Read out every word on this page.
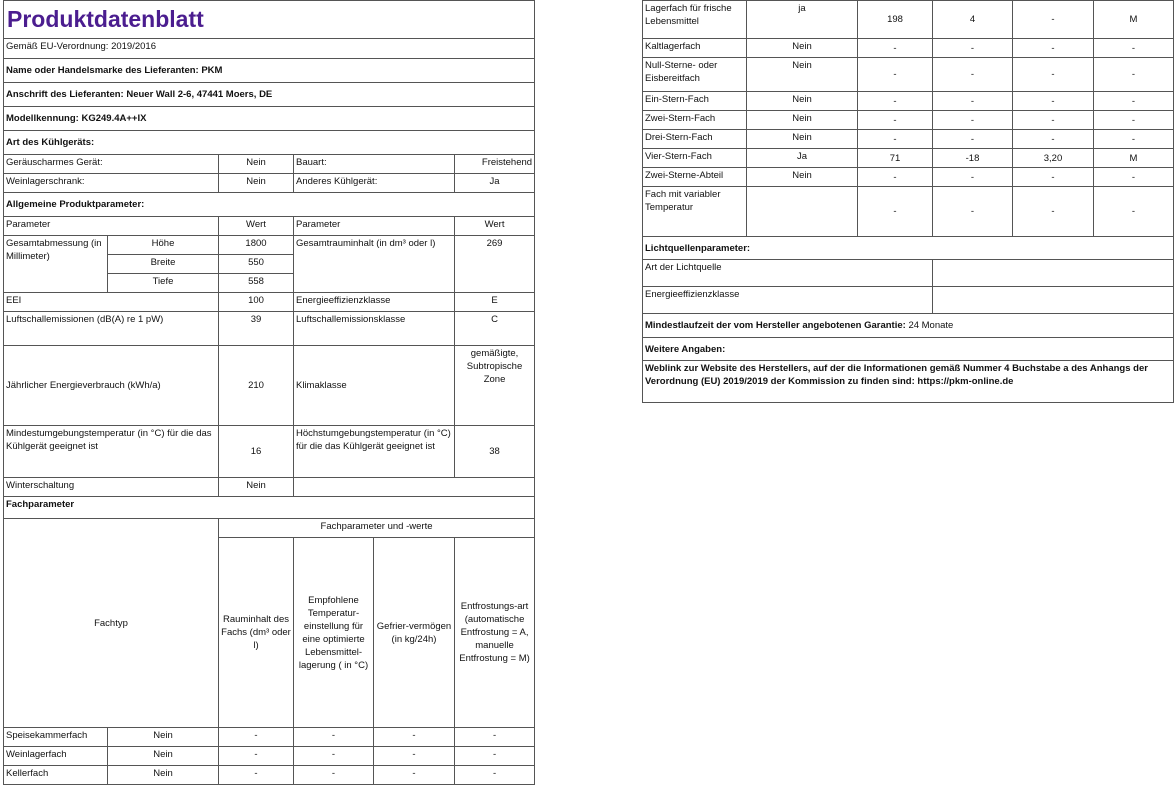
Produktdatenblatt					

Gemäß EU-Verordnung: 2019/2016					
Name oder Handelsmarke des Lieferanten: PKM					
Anschrift des Lieferanten: Neuer Wall 2-6, 47441 Moers, DE					
Modellkennung: KG249.4A++IX					
Art des Kühlgeräts:					
Geräuscharmes Gerät:		Nein	Bauart:		Freistehend
Weinlagerschrank:		Nein	Anderes Kühlgerät:		Ja
Allgemeine Produktparameter:					
Parameter		Wert	Parameter		Wert
Gesamtabmessung (in Millimeter)	Höhe	1800	Gesamtrauminhalt (in dm³ oder l)		269
	Breite	550			
	Tiefe	558			
EEI		100	Energieeffizienzklasse		E
Luftschallemissionen (dB(A) re 1 pW)		39	Luftschallemissionsklasse		C
Jährlicher Energieverbrauch (kWh/a)		210	Klimaklasse		gemäßigte, Subtropische Zone
Mindestumgebungstemperatur (in °C) für die das Kühlgerät geeignet ist		16	Höchstumgebungstemperatur (in °C) für die das Kühlgerät geeignet ist		38
Winterschaltung		Nein			
Fachparameter					
Fachtyp		Fachparameter und -werte			
		Rauminhalt des Fachs (dm³ oder l)	Empfohlene Temperatur-einstellung für eine optimierte Lebensmittel-lagerung ( in °C)	Gefrier-vermögen (in kg/24h)	Entfrostungs-art (automatische Entfrostung = A, manuelle Entfrostung = M)
Speisekammerfach	Nein	-	-	-	-
Weinlagerfach	Nein	-	-	-	-
Kellerfach	Nein	-	-	-	-
Lagerfach für frische Lebensmittel	ja	198	4	-	M
Kaltlagerfach	Nein	-	-	-	-
Null-Sterne- oder Eisbereitfach	Nein	-	-	-	-
Ein-Stern-Fach	Nein	-	-	-	-
Zwei-Stern-Fach	Nein	-	-	-	-
Drei-Stern-Fach	Nein	-	-	-	-
Vier-Stern-Fach	Ja	71	-18	3,20	M
Zwei-Sterne-Abteil	Nein	-	-	-	-
Fach mit variabler Temperatur		-	-	-	-
Lichtquellenparameter:					
Art der Lichtquelle					
Energieeffizienzklasse					
Mindestlaufzeit der vom Hersteller angebotenen Garantie: 24 Monate					
Weitere Angaben:					
Weblink zur Website des Herstellers, auf der die Informationen gemäß Nummer 4 Buchstabe a des Anhangs der Verordnung (EU) 2019/2019 der Kommission zu finden sind: https://pkm-online.de					
